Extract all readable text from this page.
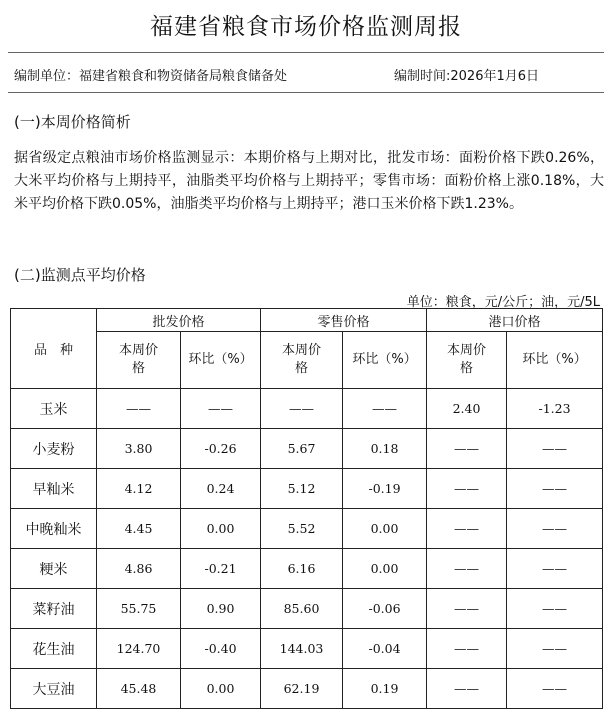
福建省粮食市场价格监测周报
编制单位：福建省粮食和物资储备局粮食储备处	编制时间:2026年1月6日
(一)本周价格简析
据省级定点粮油市场价格监测显示：本期价格与上期对比，批发市场：面粉价格下跌0.26%，大米平均价格与上期持平，油脂类平均价格与上期持平；零售市场：面粉价格上涨0.18%，大米平均价格下跌0.05%，油脂类平均价格与上期持平；港口玉米价格下跌1.23%。
(二)监测点平均价格
单位：粮食，元/公斤；油，元/5L
品　种	批发价格		零售价格		港口价格	

	本周价格	环比（%）	本周价格	环比（%）	本周价格	环比（%）
玉米	——	——	——	——	2.40	-1.23
小麦粉	3.80	-0.26	5.67	0.18	——	——
早籼米	4.12	0.24	5.12	-0.19	——	——
中晚籼米	4.45	0.00	5.52	0.00	——	——
粳米	4.86	-0.21	6.16	0.00	——	——
菜籽油	55.75	0.90	85.60	-0.06	——	——
花生油	124.70	-0.40	144.03	-0.04	——	——
大豆油	45.48	0.00	62.19	0.19	——	——
